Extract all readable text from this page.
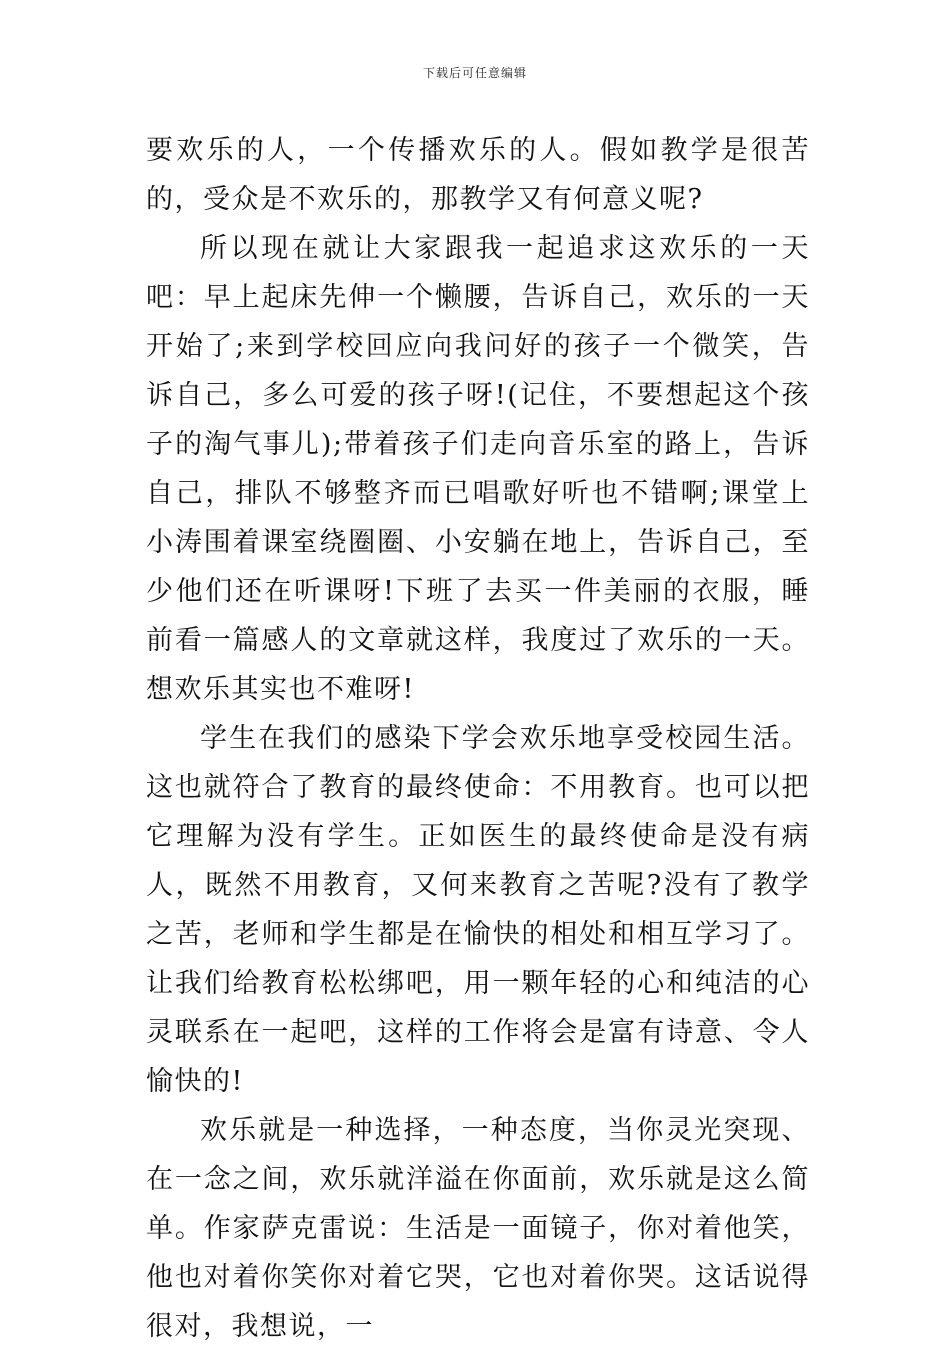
下载后可任意编辑

要欢乐的人，一个传播欢乐的人。假如教学是很苦的，受众是不欢乐的，那教学又有何意义呢?

所以现在就让大家跟我一起追求这欢乐的一天吧：早上起床先伸一个懒腰，告诉自己，欢乐的一天开始了;来到学校回应向我问好的孩子一个微笑，告诉自己，多么可爱的孩子呀!(记住，不要想起这个孩子的淘气事儿);带着孩子们走向音乐室的路上，告诉自己，排队不够整齐而已唱歌好听也不错啊;课堂上小涛围着课室绕圈圈、小安躺在地上，告诉自己，至少他们还在听课呀!下班了去买一件美丽的衣服，睡前看一篇感人的文章就这样，我度过了欢乐的一天。想欢乐其实也不难呀!

学生在我们的感染下学会欢乐地享受校园生活。这也就符合了教育的最终使命：不用教育。也可以把它理解为没有学生。正如医生的最终使命是没有病人，既然不用教育，又何来教育之苦呢?没有了教学之苦，老师和学生都是在愉快的相处和相互学习了。让我们给教育松松绑吧，用一颗年轻的心和纯洁的心灵联系在一起吧，这样的工作将会是富有诗意、令人愉快的!

欢乐就是一种选择，一种态度，当你灵光突现、在一念之间，欢乐就洋溢在你面前，欢乐就是这么简单。作家萨克雷说：生活是一面镜子，你对着他笑，他也对着你笑你对着它哭，它也对着你哭。这话说得很对，我想说，一
